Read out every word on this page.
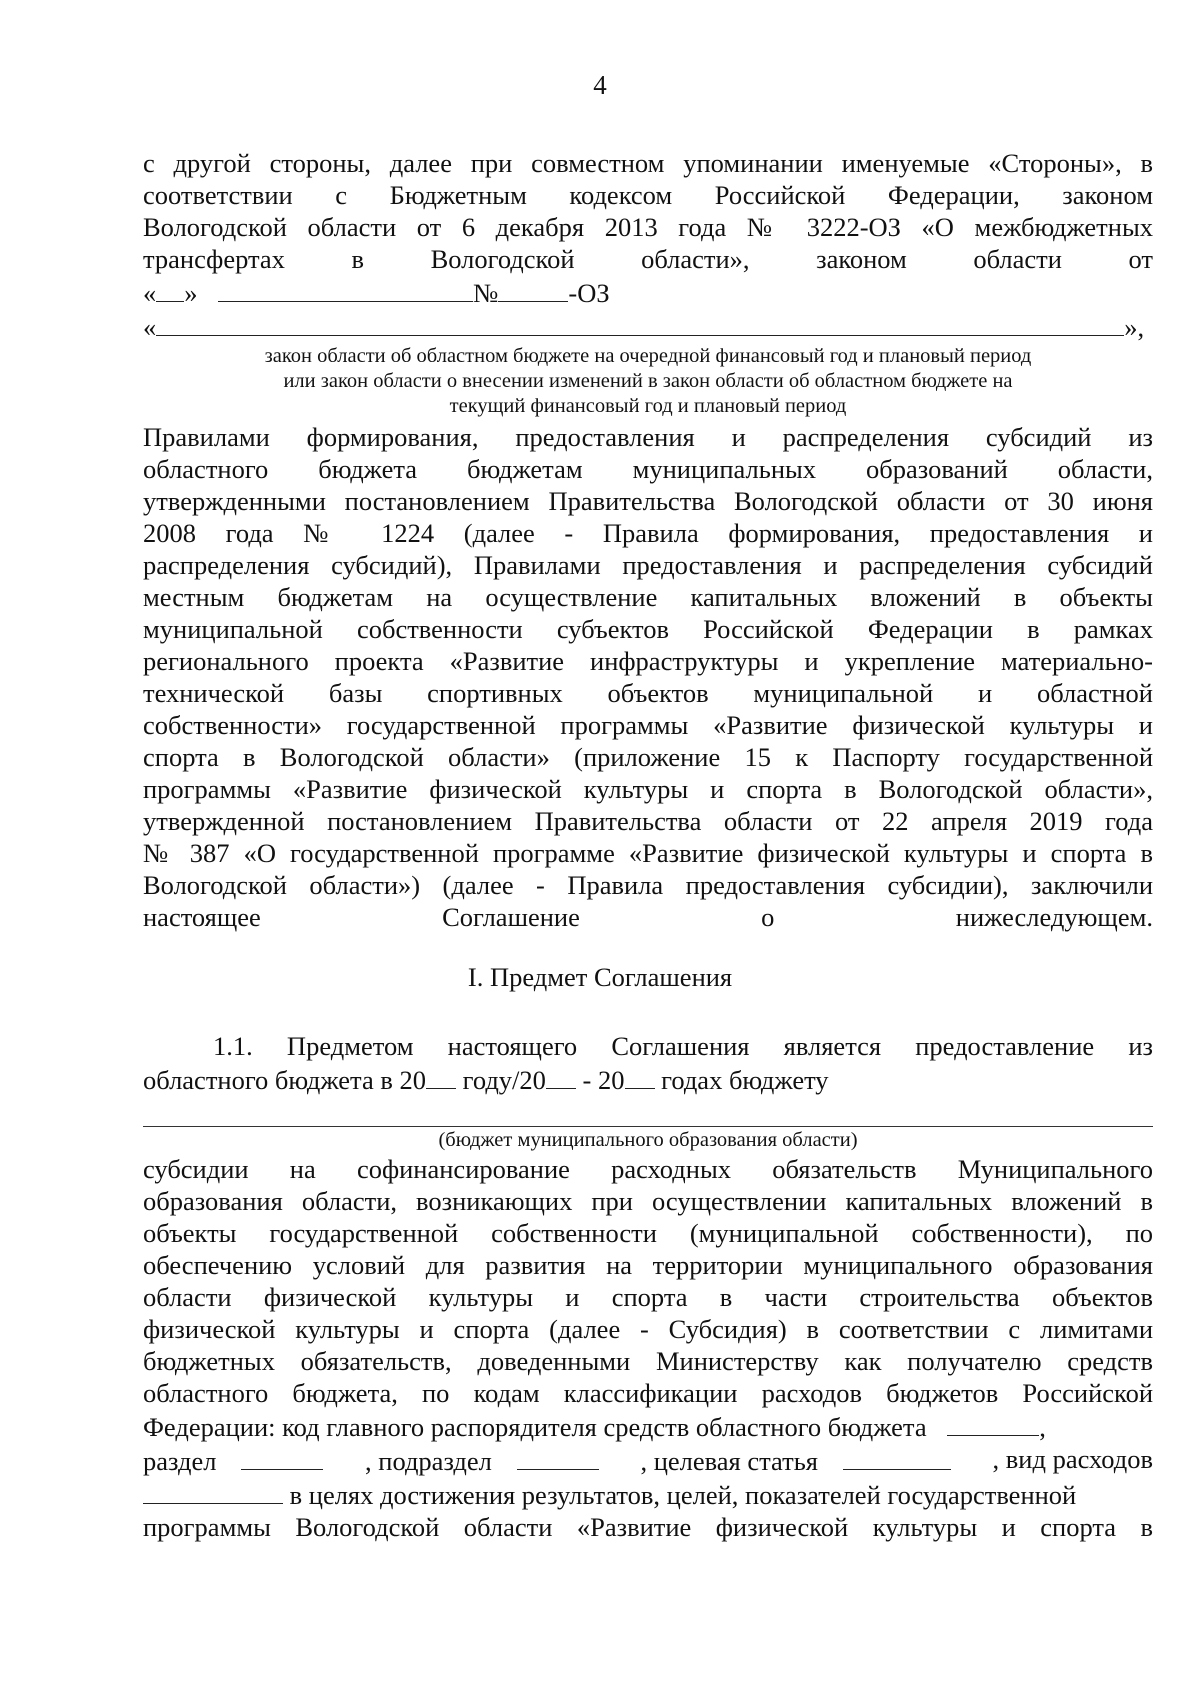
4
с другой стороны, далее при совместном упоминании именуемые «Стороны», в
соответствии с Бюджетным кодексом Российской Федерации, законом
Вологодской области от 6 декабря 2013 года № 3222-ОЗ «О межбюджетных
трансфертах в Вологодской области», законом области от
« »	№	-ОЗ
«	»,
закон области об областном бюджете на очередной финансовый год и плановый период
или закон области о внесении изменений в закон области об областном бюджете на
текущий финансовый год и плановый период
Правилами формирования, предоставления и распределения субсидий из
областного бюджета бюджетам муниципальных образований области,
утвержденными постановлением Правительства Вологодской области от 30 июня
2008 года № 1224 (далее - Правила формирования, предоставления и
распределения субсидий), Правилами предоставления и распределения субсидий
местным бюджетам на осуществление капитальных вложений в объекты
муниципальной собственности субъектов Российской Федерации в рамках
регионального проекта «Развитие инфраструктуры и укрепление материально-
технической базы спортивных объектов муниципальной и областной
собственности» государственной программы «Развитие физической культуры и
спорта в Вологодской области» (приложение 15 к Паспорту государственной
программы «Развитие физической культуры и спорта в Вологодской области»,
утвержденной постановлением Правительства области от 22 апреля 2019 года
№ 387 «О государственной программе «Развитие физической культуры и спорта в
Вологодской области») (далее - Правила предоставления субсидии), заключили
настоящее Соглашение о нижеследующем.
I. Предмет Соглашения
1.1. Предметом настоящего Соглашения является предоставление из
областного бюджета в 20 году/20 - 20 годах бюджету
(бюджет муниципального образования области)
субсидии на софинансирование расходных обязательств Муниципального
образования области, возникающих при осуществлении капитальных вложений в
объекты государственной собственности (муниципальной собственности), по
обеспечению условий для развития на территории муниципального образования
области физической культуры и спорта в части строительства объектов
физической культуры и спорта (далее - Субсидия) в соответствии с лимитами
бюджетных обязательств, доведенными Министерству как получателю средств
областного бюджета, по кодам классификации расходов бюджетов Российской
Федерации: код главного распорядителя средств областного бюджета	,
раздел	, подраздел	, целевая статья	, вид расходов
в целях достижения результатов, целей, показателей государственной
программы Вологодской области «Развитие физической культуры и спорта в
